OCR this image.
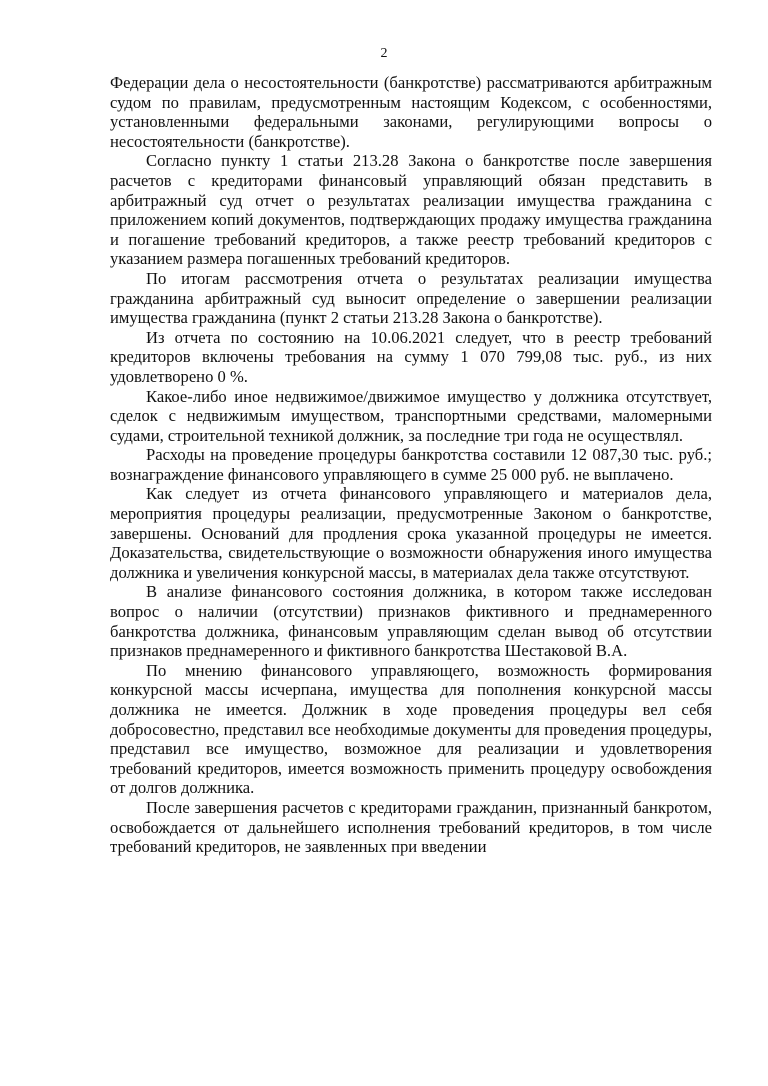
2

Федерации дела о несостоятельности (банкротстве) рассматриваются арбитражным судом по правилам, предусмотренным настоящим Кодексом, с особенностями, установленными федеральными законами, регулирующими вопросы о несостоятельности (банкротстве).

Согласно пункту 1 статьи 213.28 Закона о банкротстве после завершения расчетов с кредиторами финансовый управляющий обязан представить в арбитражный суд отчет о результатах реализации имущества гражданина с приложением копий документов, подтверждающих продажу имущества гражданина и погашение требований кредиторов, а также реестр требований кредиторов с указанием размера погашенных требований кредиторов.

По итогам рассмотрения отчета о результатах реализации имущества гражданина арбитражный суд выносит определение о завершении реализации имущества гражданина (пункт 2 статьи 213.28 Закона о банкротстве).

Из отчета по состоянию на 10.06.2021 следует, что в реестр требований кредиторов включены требования на сумму 1 070 799,08 тыс. руб., из них удовлетворено 0 %.

Какое-либо иное недвижимое/движимое имущество у должника отсутствует, сделок с недвижимым имуществом, транспортными средствами, маломерными судами, строительной техникой должник, за последние три года не осуществлял.

Расходы на проведение процедуры банкротства составили 12 087,30 тыс. руб.; вознаграждение финансового управляющего в сумме 25 000 руб. не выплачено.

Как следует из отчета финансового управляющего и материалов дела, мероприятия процедуры реализации, предусмотренные Законом о банкротстве, завершены. Оснований для продления срока указанной процедуры не имеется. Доказательства, свидетельствующие о возможности обнаружения иного имущества должника и увеличения конкурсной массы, в материалах дела также отсутствуют.

В анализе финансового состояния должника, в котором также исследован вопрос о наличии (отсутствии) признаков фиктивного и преднамеренного банкротства должника, финансовым управляющим сделан вывод об отсутствии признаков преднамеренного и фиктивного банкротства Шестаковой В.А.

По мнению финансового управляющего, возможность формирования конкурсной массы исчерпана, имущества для пополнения конкурсной массы должника не имеется. Должник в ходе проведения процедуры вел себя добросовестно, представил все необходимые документы для проведения процедуры, представил все имущество, возможное для реализации и удовлетворения требований кредиторов, имеется возможность применить процедуру освобождения от долгов должника.

После завершения расчетов с кредиторами гражданин, признанный банкротом, освобождается от дальнейшего исполнения требований кредиторов, в том числе требований кредиторов, не заявленных при введении
